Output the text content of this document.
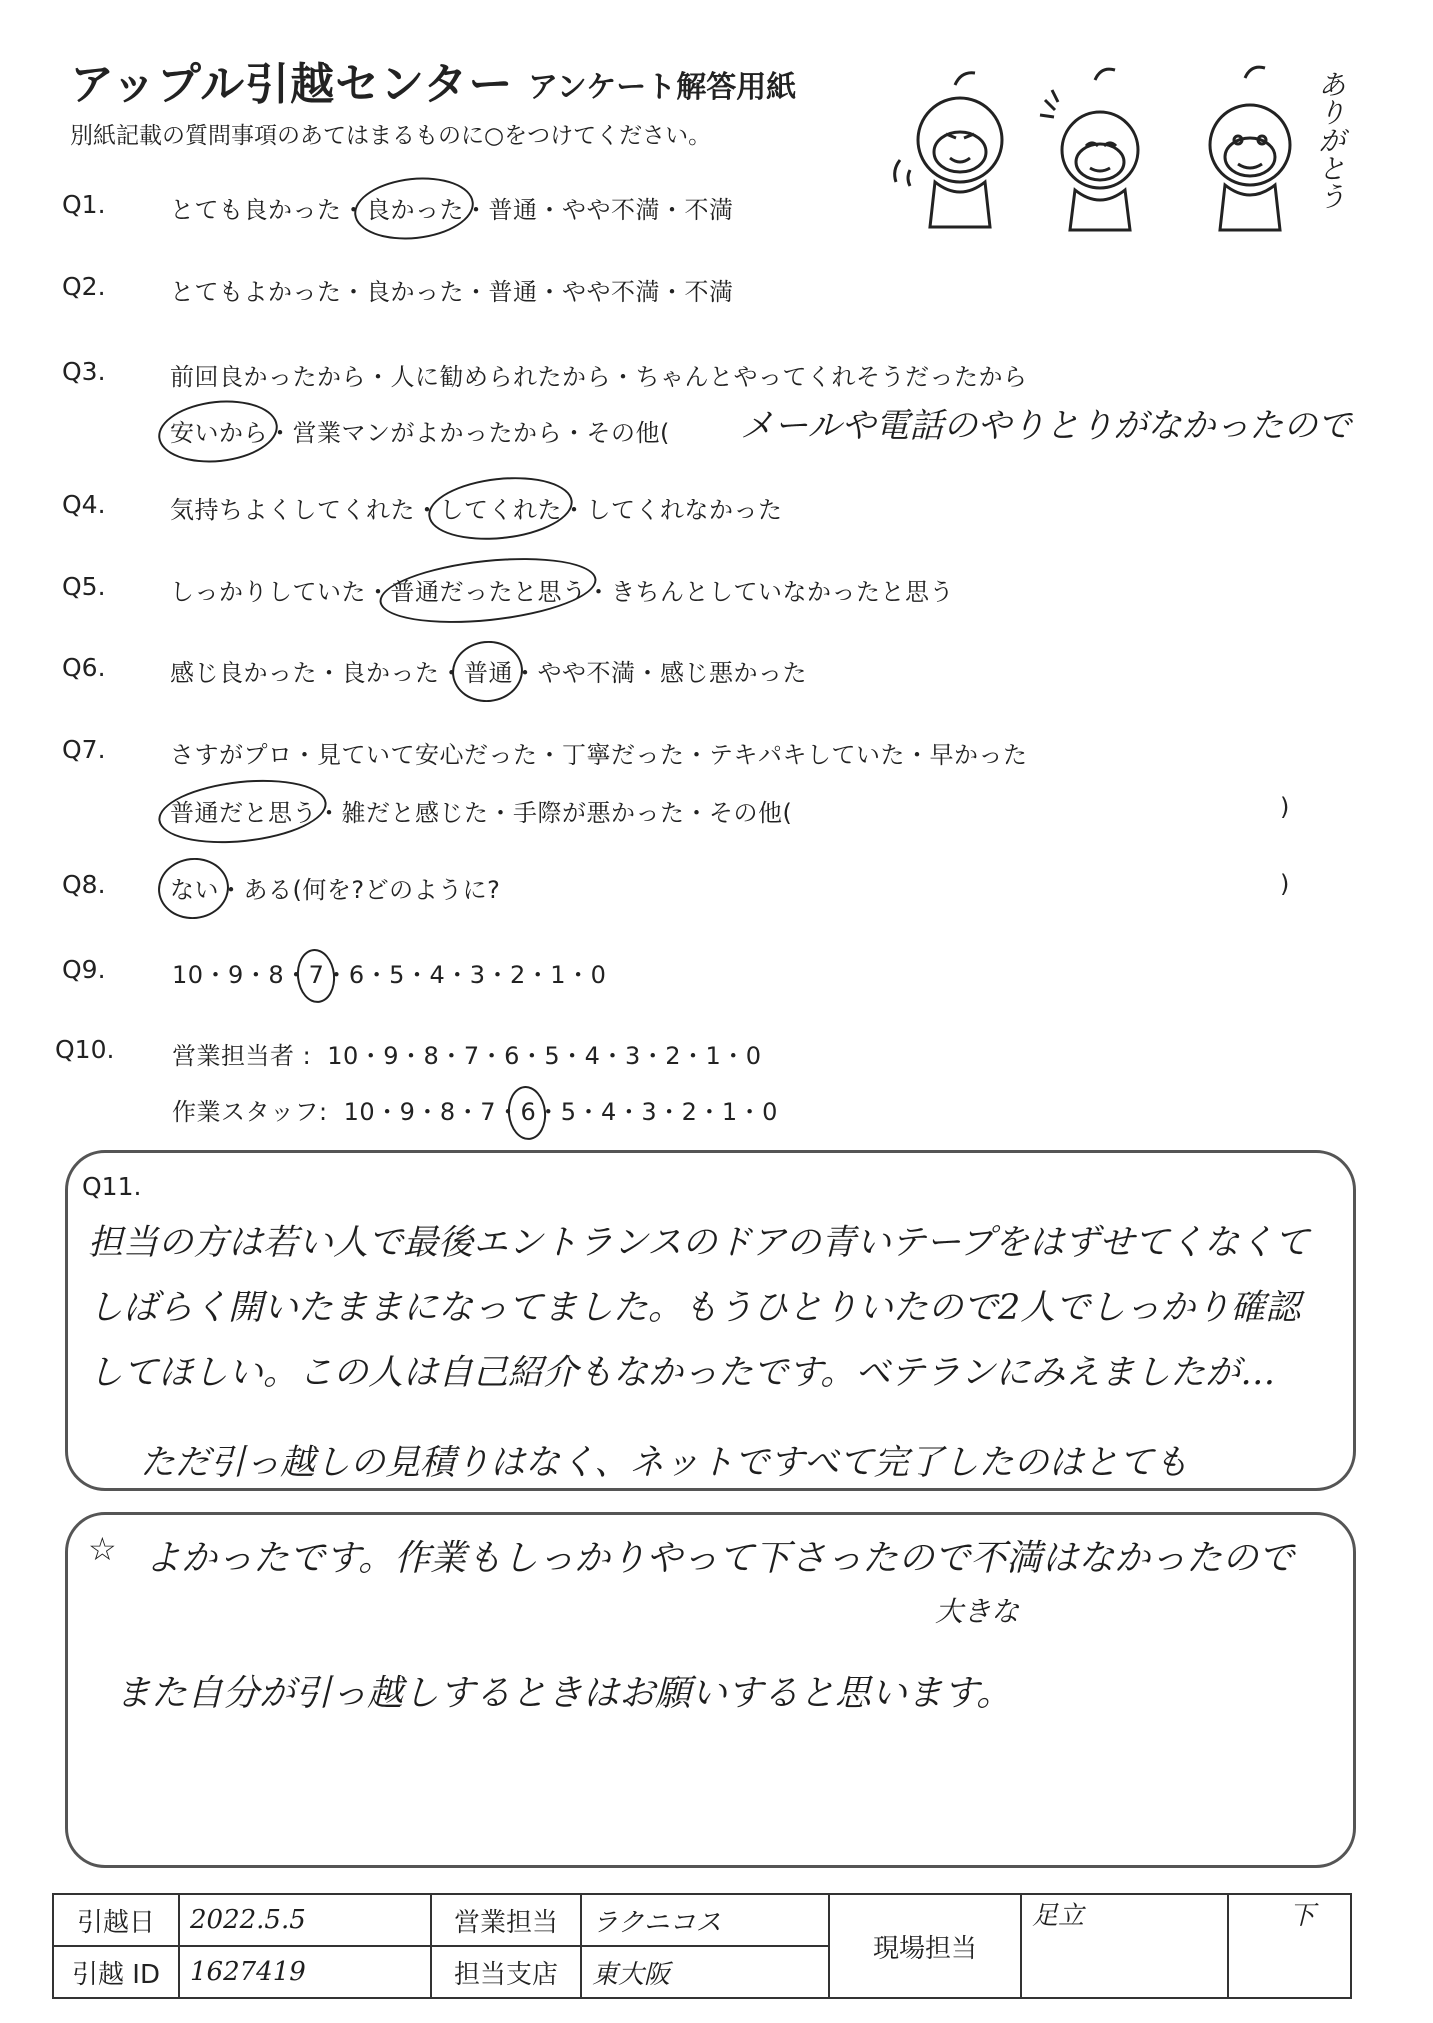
アップル引越センター アンケート解答用紙
別紙記載の質問事項のあてはまるものに○をつけてください。	ありがとう
Q1.	とても良かった・良かった・普通・やや不満・不満
Q2.	とてもよかった・良かった・普通・やや不満・不満
Q3.	前回良かったから・人に勧められたから・ちゃんとやってくれそうだったから
安いから・営業マンがよかったから・その他(
Q4.	気持ちよくしてくれた・してくれた・してくれなかった
Q5.	しっかりしていた・普通だったと思う・きちんとしていなかったと思う
Q6.	感じ良かった・良かった・普通・やや不満・感じ悪かった
Q7.	さすがプロ・見ていて安心だった・丁寧だった・テキパキしていた・早かった
普通だと思う・雑だと感じた・手際が悪かった・その他(	)
Q8.	ない・ある(何を?どのように?	)
メールや電話のやりとりがなかったので
Q9.	10・9・8・7・6・5・4・3・2・1・0
Q10. 営業担当者 :10・9・8・7・6・5・4・3・2・1・0
作業スタッフ:10・9・8・7・6・5・4・3・2・1・0
Q11.
担当の方は若い人で最後エントランスのドアの青いテープをはずせてくなくて
しばらく開いたままになってました。もうひとりいたので2人でしっかり確認
してほしい。この人は自己紹介もなかったです。ベテランにみえましたが…
ただ引っ越しの見積りはなく、ネットですべて完了したのはとても
☆ よかったです。作業もしっかりやって下さったので不満はなかったので
大きな
また自分が引っ越しするときはお願いすると思います。
引越日	2022.5.5	営業担当	ラクニコス	現場担当	足立	下
引越 ID	1627419	担当支店	東大阪			
